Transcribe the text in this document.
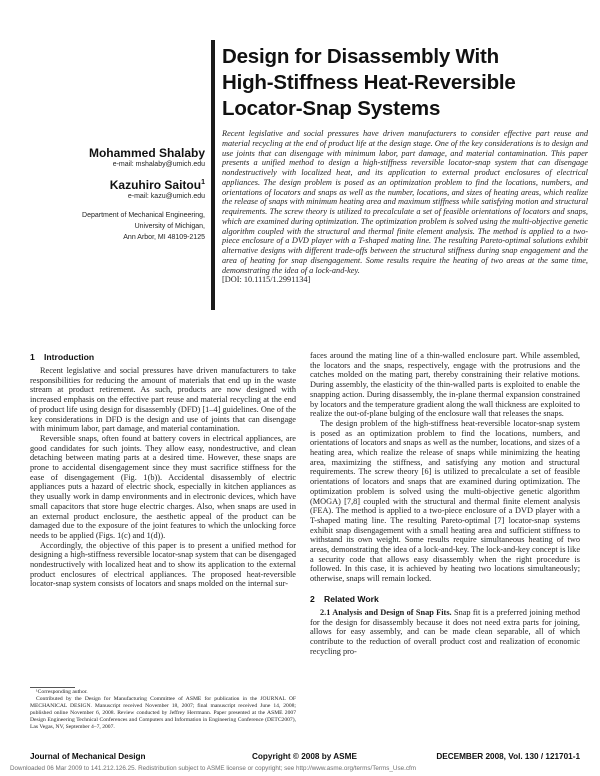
Design for Disassembly With
High-Stiffness Heat-Reversible
Locator-Snap Systems
Mohammed Shalaby
e-mail: mshalaby@umich.edu
Kazuhiro Saitou$^1$
e-mail: kazu@umich.edu
Department of Mechanical Engineering,
University of Michigan,
Ann Arbor, MI 48109-2125
Recent legislative and social pressures have driven manufacturers to consider effective part reuse and material recycling at the end of product life at the design stage. One of the key considerations is to design and use joints that can disengage with minimum labor, part damage, and material contamination. This paper presents a unified method to design a high-stiffness reversible locator-snap system that can disengage nondestructively with localized heat, and its application to external product enclosures of electrical appliances. The design problem is posed as an optimization problem to find the locations, numbers, and orientations of locators and snaps as well as the number, locations, and sizes of heating areas, which realize the release of snaps with minimum heating area and maximum stiffness while satisfying motion and structural requirements. The screw theory is utilized to precalculate a set of feasible orientations of locators and snaps, which are examined during optimization. The optimization problem is solved using the multi-objective genetic algorithm coupled with the structural and thermal finite element analysis. The method is applied to a two-piece enclosure of a DVD player with a T-shaped mating line. The resulting Pareto-optimal solutions exhibit alternative designs with different trade-offs between the structural stiffness during snap engagement and the area of heating for snap disengagement. Some results require the heating of two areas at the same time, demonstrating the idea of a lock-and-key.
[DOI: 10.1115/1.2991134]
1 Introduction

Recent legislative and social pressures have driven manufacturers to take responsibilities for reducing the amount of materials that end up in the waste stream at product retirement. As such, products are now designed with increased emphasis on the effective part reuse and material recycling at the end of product life using design for disassembly (DFD) [1–4] guidelines. One of the key considerations in DFD is the design and use of joints that can disengage with minimum labor, part damage, and material contamination.

Reversible snaps, often found at battery covers in electrical appliances, are good candidates for such joints. They allow easy, nondestructive, and clean detaching between mating parts at a desired time. However, these snaps are prone to accidental disengagement since they must sacrifice stiffness for the ease of disengagement (Fig. 1(b)). Accidental disassembly of electric appliances puts a hazard of electric shock, especially in kitchen appliances as they usually work in damp environments and in electronic devices, which have small capacitors that store huge electric charges. Also, when snaps are used in an external product enclosure, the aesthetic appeal of the product can be damaged due to the exposure of the joint features to which the unlocking force needs to be applied (Figs. 1(c) and 1(d)).

Accordingly, the objective of this paper is to present a unified method for designing a high-stiffness reversible locator-snap system that can be disengaged nondestructively with localized heat and to show its application to the external product enclosures of electrical appliances. The proposed heat-reversible locator-snap system consists of locators and snaps molded on the internal sur-

faces around the mating line of a thin-walled enclosure part. While assembled, the locators and the snaps, respectively, engage with the protrusions and the catches molded on the mating part, thereby constraining their relative motions. During assembly, the elasticity of the thin-walled parts is exploited to enable the snapping action. During disassembly, the in-plane thermal expansion constrained by locators and the temperature gradient along the wall thickness are exploited to realize the out-of-plane bulging of the enclosure wall that releases the snaps.

The design problem of the high-stiffness heat-reversible locator-snap system is posed as an optimization problem to find the locations, numbers, and orientations of locators and snaps as well as the number, locations, and sizes of a heating area, which realize the release of snaps while minimizing the heating area, maximizing the stiffness, and satisfying any motion and structural requirements. The screw theory [6] is utilized to precalculate a set of feasible orientations of locators and snaps that are examined during optimization. The optimization problem is solved using the multi-objective genetic algorithm (MOGA) [7,8] coupled with the structural and thermal finite element analysis (FEA). The method is applied to a two-piece enclosure of a DVD player with a T-shaped mating line. The resulting Pareto-optimal [7] locator-snap systems exhibit snap disengagement with a small heating area and sufficient stiffness to withstand its own weight. Some results require simultaneous heating of two areas, demonstrating the idea of a lock-and-key. The lock-and-key concept is like a security code that allows easy disassembly when the right procedure is followed. In this case, it is achieved by heating two locations simultaneously; otherwise, snaps will remain locked.

2 Related Work

2.1 Analysis and Design of Snap Fits. Snap fit is a preferred joining method for the design for disassembly because it does not need extra parts for joining, allows for easy assembly, and can be made clean separable, all of which contribute to the reduction of overall product cost and realization of economic recycling pro-

¹Corresponding author.

Contributed by the Design for Manufacturing Committee of ASME for publication in the JOURNAL OF MECHANICAL DESIGN. Manuscript received November 18, 2007; final manuscript received June 14, 2008; published online November 6, 2008. Review conducted by Jeffrey Herrmann. Paper presented at the ASME 2007 Design Engineering Technical Conferences and Computers and Information in Engineering Conference (DETC2007), Las Vegas, NV, September 4–7, 2007.

Journal of Mechanical Design	Copyright © 2008 by ASME	DECEMBER 2008, Vol. 130 / 121701-1
Downloaded 06 Mar 2009 to 141.212.126.25. Redistribution subject to ASME license or copyright; see http://www.asme.org/terms/Terms_Use.cfm
